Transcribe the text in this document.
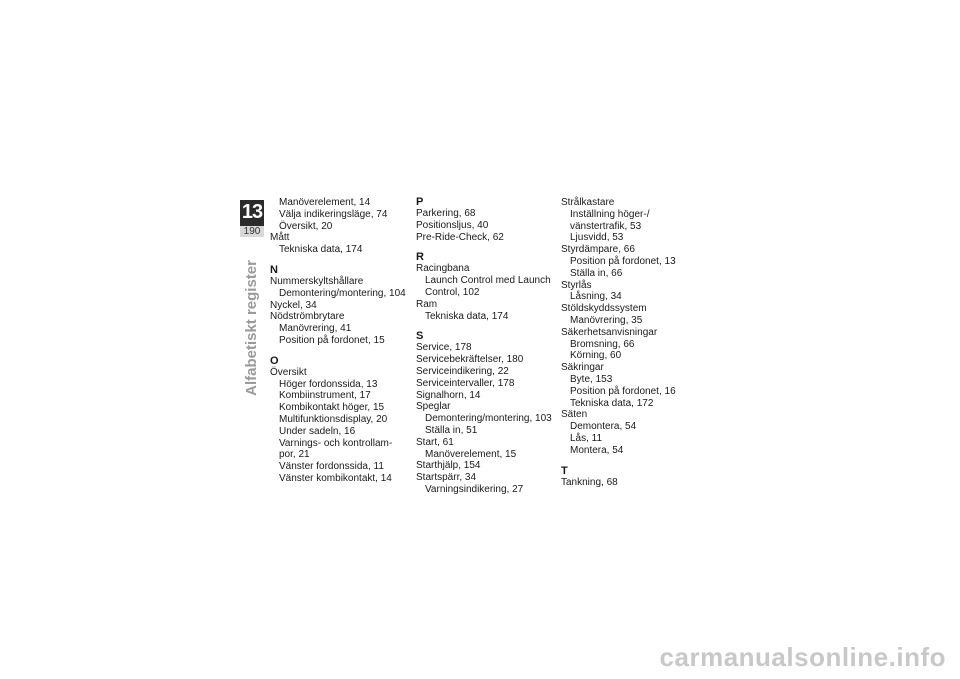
13
190
Alfabetiskt register
Manöverelement, 14
Välja indikeringsläge, 74
Översikt, 20
Mått
Tekniska data, 174
N
Nummerskyltshållare
Demontering/montering, 104
Nyckel, 34
Nödströmbrytare
Manövrering, 41
Position på fordonet, 15
O
Översikt
Höger fordonssida, 13
Kombiinstrument, 17
Kombikontakt höger, 15
Multifunktionsdisplay, 20
Under sadeln, 16
Varnings- och kontrollam-
por, 21
Vänster fordonssida, 11
Vänster kombikontakt, 14
P
Parkering, 68
Positionsljus, 40
Pre-Ride-Check, 62
R
Racingbana
Launch Control med Launch
Control, 102
Ram
Tekniska data, 174
S
Service, 178
Servicebekräftelser, 180
Serviceindikering, 22
Serviceintervaller, 178
Signalhorn, 14
Speglar
Demontering/montering, 103
Ställa in, 51
Start, 61
Manöverelement, 15
Starthjälp, 154
Startspärr, 34
Varningsindikering, 27
Strålkastare
Inställning höger-/
vänstertrafik, 53
Ljusvidd, 53
Styrdämpare, 66
Position på fordonet, 13
Ställa in, 66
Styrlås
Låsning, 34
Stöldskyddssystem
Manövrering, 35
Säkerhetsanvisningar
Bromsning, 66
Körning, 60
Säkringar
Byte, 153
Position på fordonet, 16
Tekniska data, 172
Säten
Demontera, 54
Lås, 11
Montera, 54
T
Tankning, 68
carmanualsonline.info
